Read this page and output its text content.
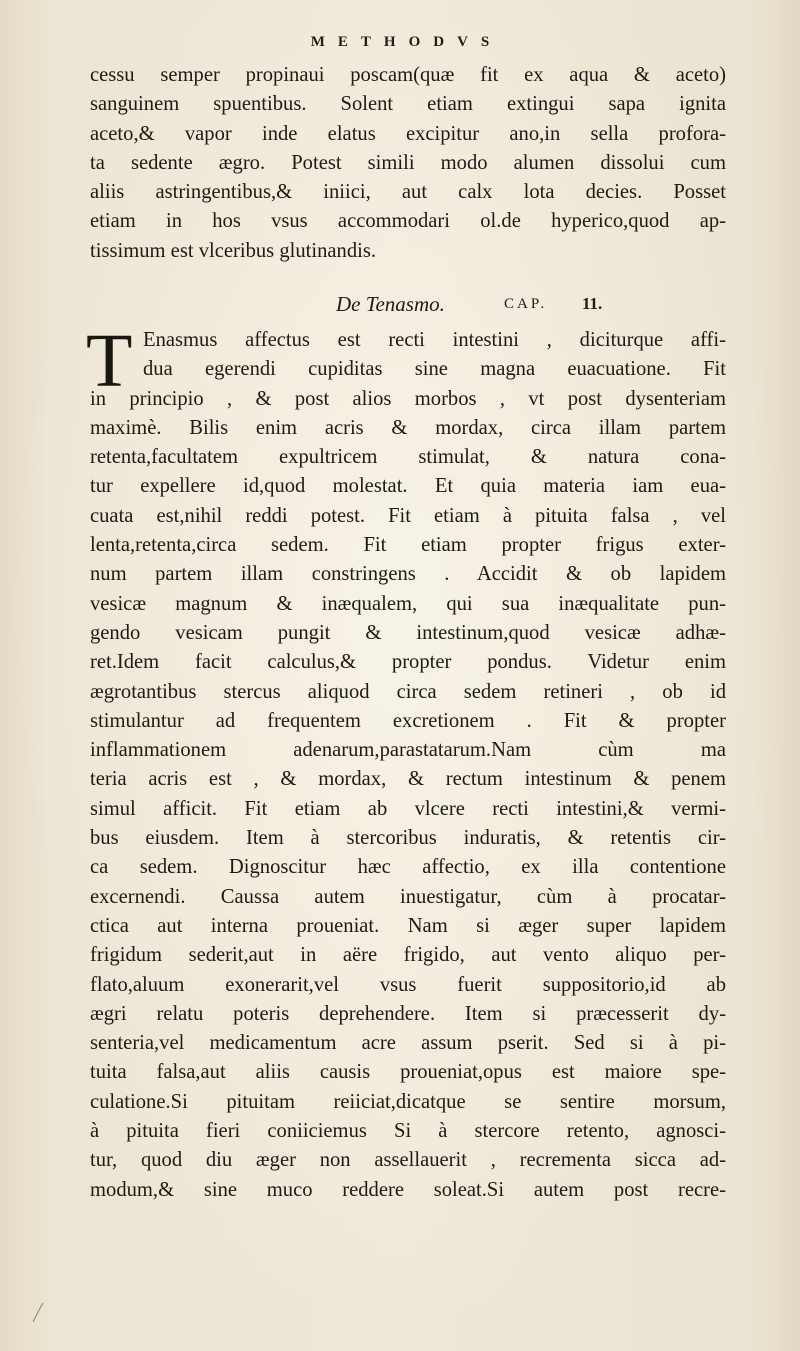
METHODVS
cessu semper propinaui poscam(quæ fit ex aqua & aceto)
sanguinem spuentibus. Solent etiam extingui sapa ignita
aceto,& vapor inde elatus excipitur ano,in sella profora-
ta sedente ægro. Potest simili modo alumen dissolui cum
aliis astringentibus,& iniici, aut calx lota decies. Posset
etiam in hos vsus accommodari ol.de hyperico,quod ap-
tissimum est vlceribus glutinandis.
De Tenasmo.	CAP. 11.
T Enasmus affectus est recti intestini , diciturque affi-
dua egerendi cupiditas sine magna euacuatione. Fit
in principio , & post alios morbos , vt post dysenteriam
maximè. Bilis enim acris & mordax, circa illam partem
retenta,facultatem expultricem stimulat, & natura cona-
tur expellere id,quod molestat. Et quia materia iam eua-
cuata est,nihil reddi potest. Fit etiam à pituita falsa , vel
lenta,retenta,circa sedem. Fit etiam propter frigus exter-
num partem illam constringens . Accidit & ob lapidem
vesicæ magnum & inæqualem, qui sua inæqualitate pun-
gendo vesicam pungit & intestinum,quod vesicæ adhæ-
ret.Idem facit calculus,& propter pondus. Videtur enim
ægrotantibus stercus aliquod circa sedem retineri , ob id
stimulantur ad frequentem excretionem . Fit & propter
inflammationem adenarum,parastatarum.Nam cùm ma
teria acris est , & mordax, & rectum intestinum & penem
simul afficit. Fit etiam ab vlcere recti intestini,& vermi-
bus eiusdem. Item à stercoribus induratis, & retentis cir-
ca sedem. Dignoscitur hæc affectio, ex illa contentione
excernendi. Caussa autem inuestigatur, cùm à procatar-
ctica aut interna proueniat. Nam si æger super lapidem
frigidum sederit,aut in aëre frigido, aut vento aliquo per-
flato,aluum exonerarit,vel vsus fuerit suppositorio,id ab
ægri relatu poteris deprehendere. Item si præcesserit dy-
senteria,vel medicamentum acre assum pserit. Sed si à pi-
tuita falsa,aut aliis causis proueniat,opus est maiore spe-
culatione.Si pituitam reiiciat,dicatque se sentire morsum,
à pituita fieri coniiciemus Si à stercore retento, agnosci-
tur, quod diu æger non assellauerit , recrementa sicca ad-
modum,& sine muco reddere soleat.Si autem post recre-
